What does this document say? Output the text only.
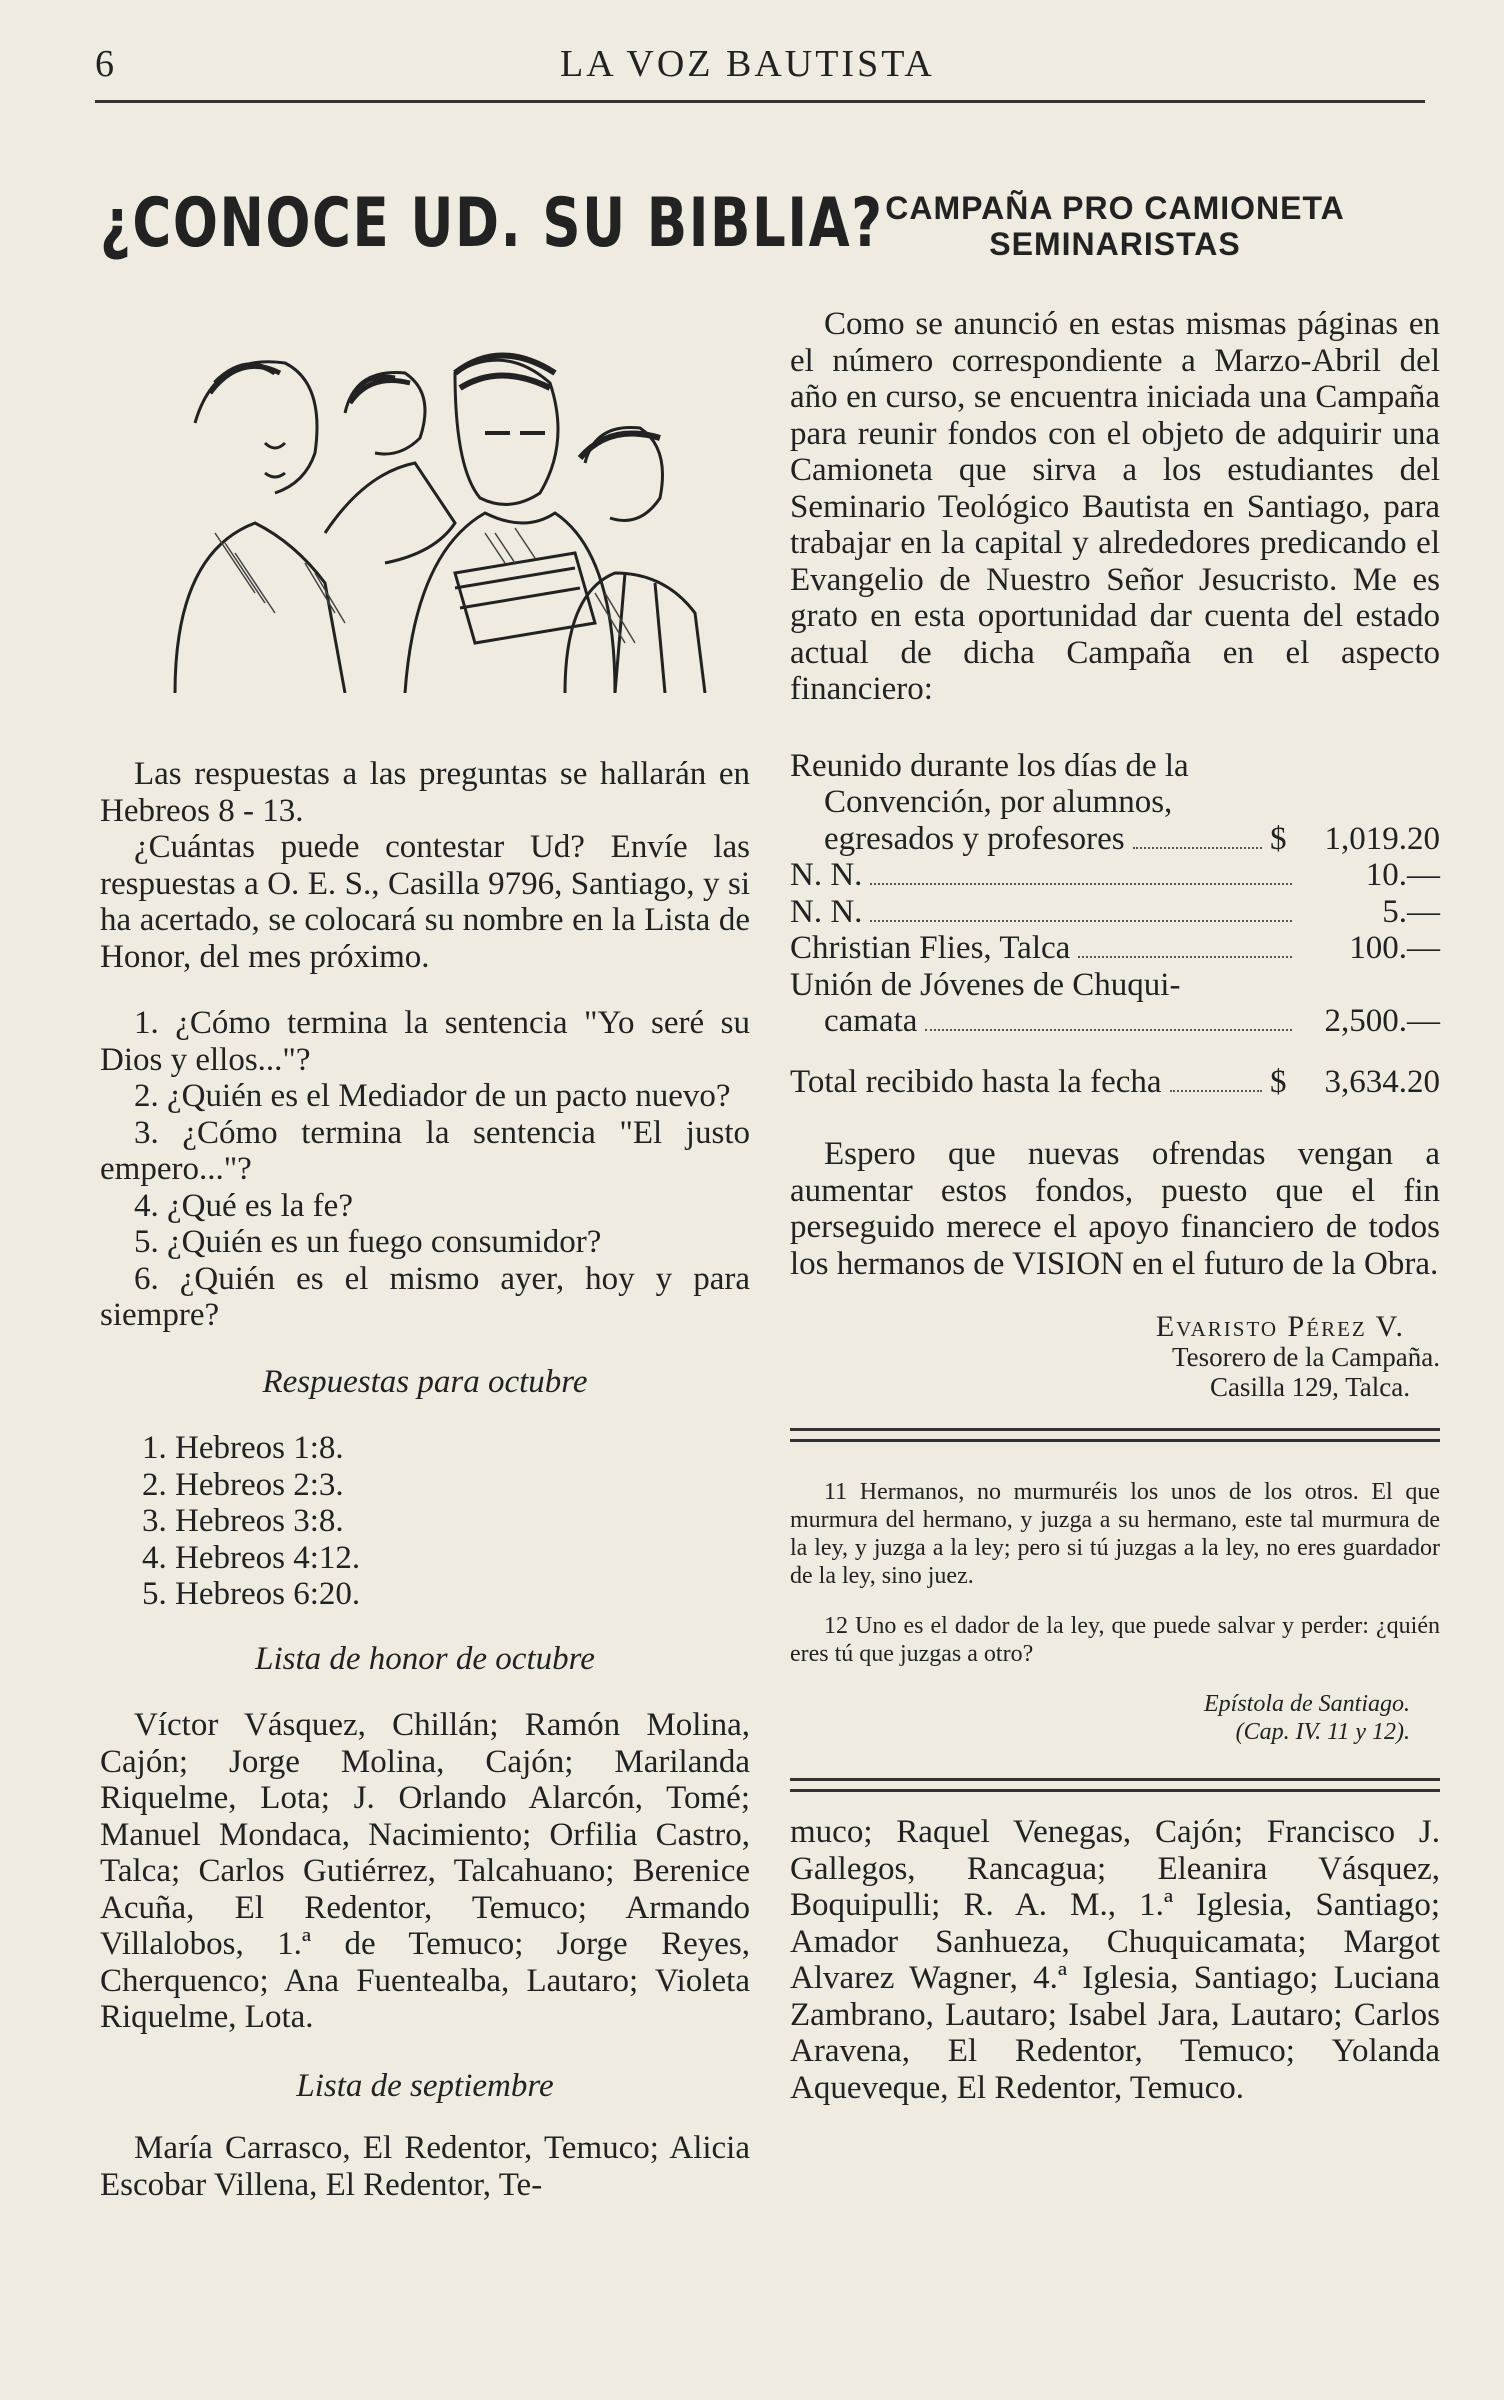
6	LA VOZ BAUTISTA
¿CONOCE UD. SU BIBLIA?

Las respuestas a las preguntas se hallarán en Hebreos 8 - 13.

¿Cuántas puede contestar Ud? Envíe las respuestas a O. E. S., Casilla 9796, Santiago, y si ha acertado, se colocará su nombre en la Lista de Honor, del mes próximo.

1. ¿Cómo termina la sentencia "Yo seré su Dios y ellos..."?

2. ¿Quién es el Mediador de un pacto nuevo?

3. ¿Cómo termina la sentencia "El justo empero..."?

4. ¿Qué es la fe?

5. ¿Quién es un fuego consumidor?

6. ¿Quién es el mismo ayer, hoy y para siempre?

Respuestas para octubre

1. Hebreos 1:8.

2. Hebreos 2:3.

3. Hebreos 3:8.

4. Hebreos 4:12.

5. Hebreos 6:20.

Lista de honor de octubre

Víctor Vásquez, Chillán; Ramón Molina, Cajón; Jorge Molina, Cajón; Marilanda Riquelme, Lota; J. Orlando Alarcón, Tomé; Manuel Mondaca, Nacimiento; Orfilia Castro, Talca; Carlos Gutiérrez, Talcahuano; Berenice Acuña, El Redentor, Temuco; Armando Villalobos, 1.ª de Temuco; Jorge Reyes, Cherquenco; Ana Fuentealba, Lautaro; Violeta Riquelme, Lota.

Lista de septiembre

María Carrasco, El Redentor, Temuco; Alicia Escobar Villena, El Redentor, Te-

CAMPAÑA PRO CAMIONETA
SEMINARISTAS

Como se anunció en estas mismas páginas en el número correspondiente a Marzo-Abril del año en curso, se encuentra iniciada una Campaña para reunir fondos con el objeto de adquirir una Camioneta que sirva a los estudiantes del Seminario Teológico Bautista en Santiago, para trabajar en la capital y alrededores predicando el Evangelio de Nuestro Señor Jesucristo. Me es grato en esta oportunidad dar cuenta del estado actual de dicha Campaña en el aspecto financiero:

Reunido durante los días de la
Convención, por alumnos,
egresados y profesores	$	1,019.20
N. N.	10.—
N. N.	5.—
Christian Flies, Talca	100.—
Unión de Jóvenes de Chuqui-
camata	2,500.—
Total recibido hasta la fecha	$	3,634.20

Espero que nuevas ofrendas vengan a aumentar estos fondos, puesto que el fin perseguido merece el apoyo financiero de todos los hermanos de VISION en el futuro de la Obra.

Evaristo Pérez V.
Tesorero de la Campaña.
Casilla 129, Talca.

11 Hermanos, no murmuréis los unos de los otros. El que murmura del hermano, y juzga a su hermano, este tal murmura de la ley, y juzga a la ley; pero si tú juzgas a la ley, no eres guardador de la ley, sino juez.

12 Uno es el dador de la ley, que puede salvar y perder: ¿quién eres tú que juzgas a otro?

Epístola de Santiago.
(Cap. IV. 11 y 12).

muco; Raquel Venegas, Cajón; Francisco J. Gallegos, Rancagua; Eleanira Vásquez, Boquipulli; R. A. M., 1.ª Iglesia, Santiago; Amador Sanhueza, Chuquicamata; Margot Alvarez Wagner, 4.ª Iglesia, Santiago; Luciana Zambrano, Lautaro; Isabel Jara, Lautaro; Carlos Aravena, El Redentor, Temuco; Yolanda Aqueveque, El Redentor, Temuco.
